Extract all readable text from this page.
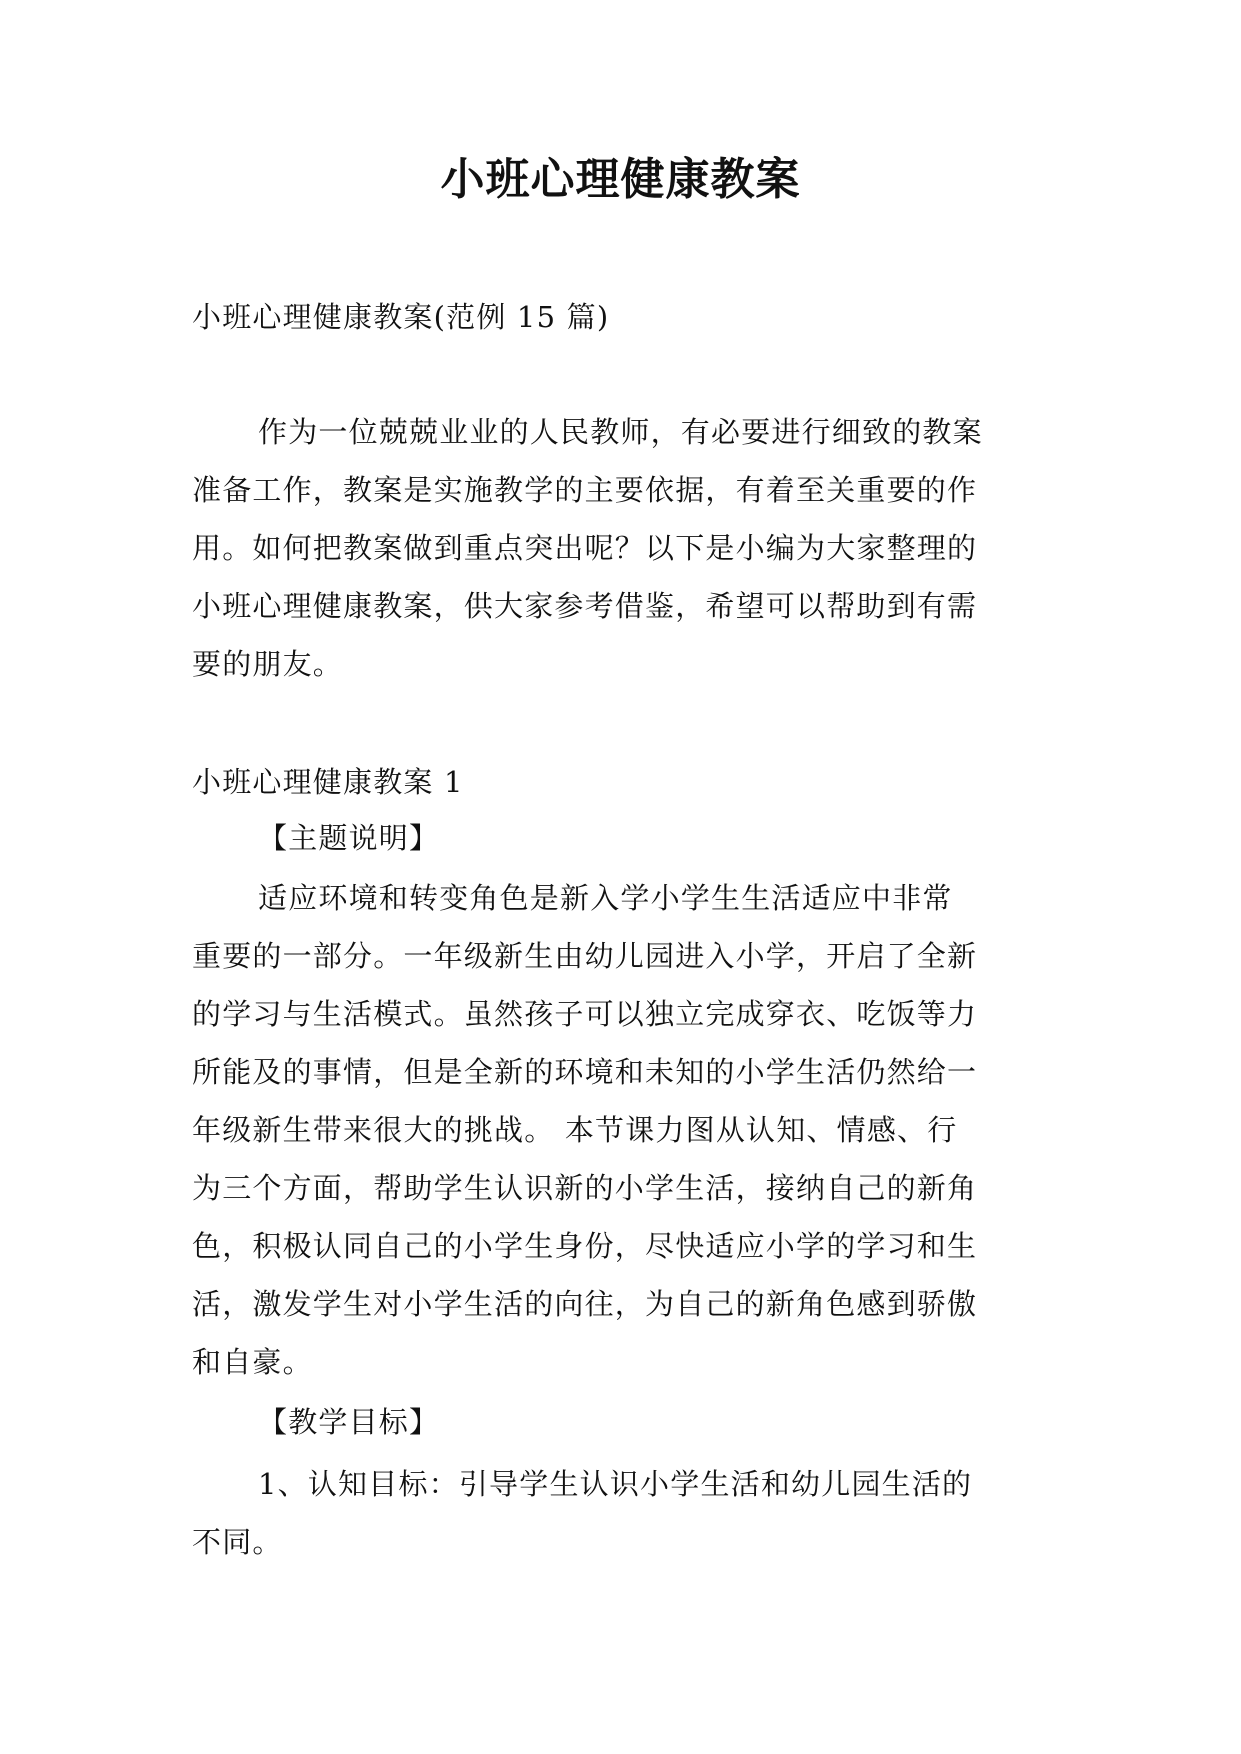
小班心理健康教案
小班心理健康教案(范例 15 篇)
作为一位兢兢业业的人民教师，有必要进行细致的教案
准备工作，教案是实施教学的主要依据，有着至关重要的作
用。如何把教案做到重点突出呢？以下是小编为大家整理的
小班心理健康教案，供大家参考借鉴，希望可以帮助到有需
要的朋友。
小班心理健康教案 1
【主题说明】
适应环境和转变角色是新入学小学生生活适应中非常
重要的一部分。一年级新生由幼儿园进入小学，开启了全新
的学习与生活模式。虽然孩子可以独立完成穿衣、吃饭等力
所能及的事情，但是全新的环境和未知的小学生活仍然给一
年级新生带来很大的挑战。 本节课力图从认知、情感、行
为三个方面，帮助学生认识新的小学生活，接纳自己的新角
色，积极认同自己的小学生身份，尽快适应小学的学习和生
活，激发学生对小学生活的向往，为自己的新角色感到骄傲
和自豪。
【教学目标】
1、认知目标：引导学生认识小学生活和幼儿园生活的
不同。
